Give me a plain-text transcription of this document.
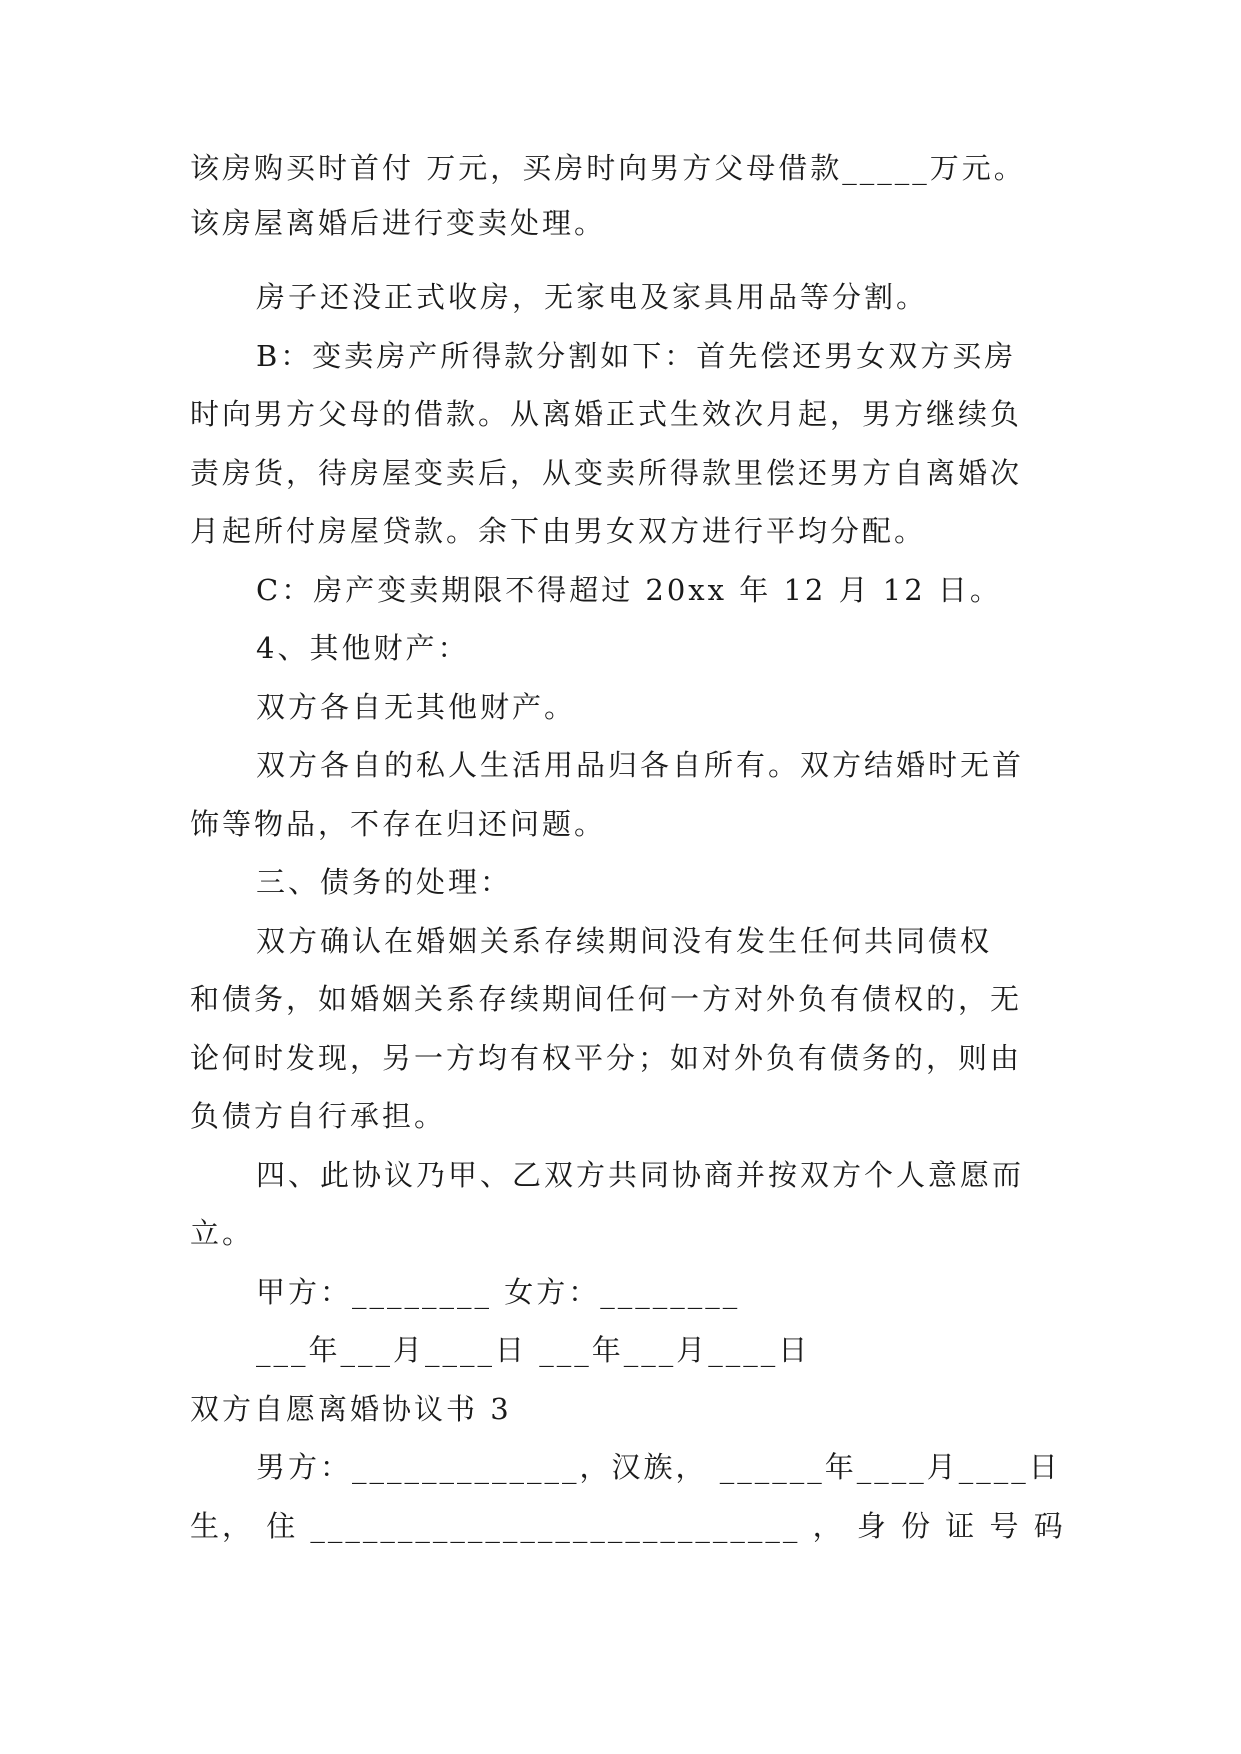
该房购买时首付 万元，买房时向男方父母借款_____万元。

该房屋离婚后进行变卖处理。

房子还没正式收房，无家电及家具用品等分割。

B：变卖房产所得款分割如下：首先偿还男女双方买房

时向男方父母的借款。从离婚正式生效次月起，男方继续负

责房货，待房屋变卖后，从变卖所得款里偿还男方自离婚次

月起所付房屋贷款。余下由男女双方进行平均分配。

C：房产变卖期限不得超过 20xx 年 12 月 12 日。

4、其他财产：

双方各自无其他财产。

双方各自的私人生活用品归各自所有。双方结婚时无首

饰等物品，不存在归还问题。

三、债务的处理：

双方确认在婚姻关系存续期间没有发生任何共同债权

和债务，如婚姻关系存续期间任何一方对外负有债权的，无

论何时发现，另一方均有权平分；如对外负有债务的，则由

负债方自行承担。

四、此协议乃甲、乙双方共同协商并按双方个人意愿而

立。

甲方：________ 女方：________

___年___月____日 ___年___月____日

双方自愿离婚协议书 3

男方：_____________，汉族， ______年____月____日

生， 住 ____________________________ ， 身 份 证 号 码
